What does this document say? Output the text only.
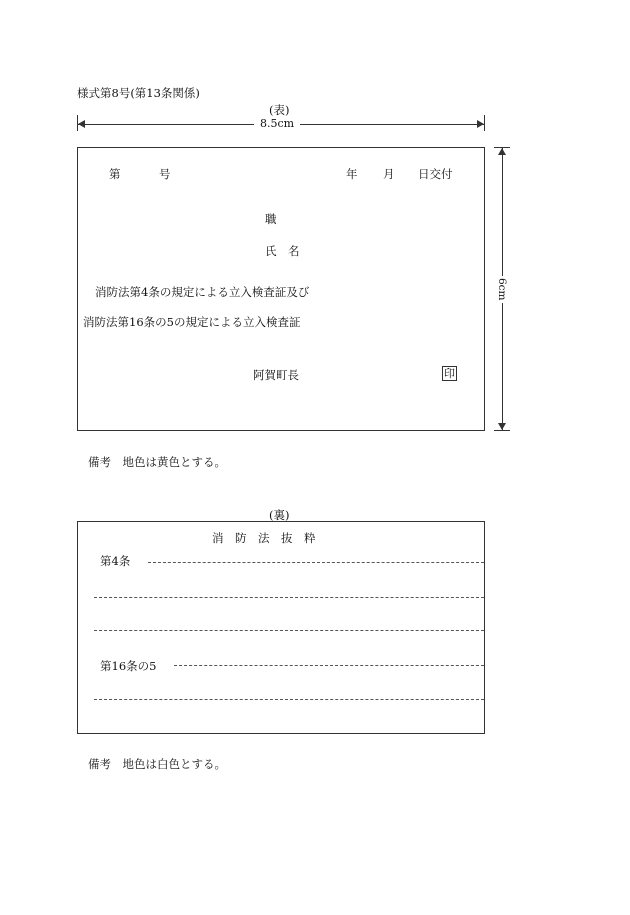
様式第8号(第13条関係)
(表)
8.5cm
第	号	年 月 日交付
職
氏　名
消防法第4条の規定による立入検査証及び
消防法第16条の5の規定による立入検査証
阿賀町長	印
6cm
備考　地色は黄色とする。
(裏)
消　防　法　抜　粋
第4条
第16条の5
備考　地色は白色とする。
